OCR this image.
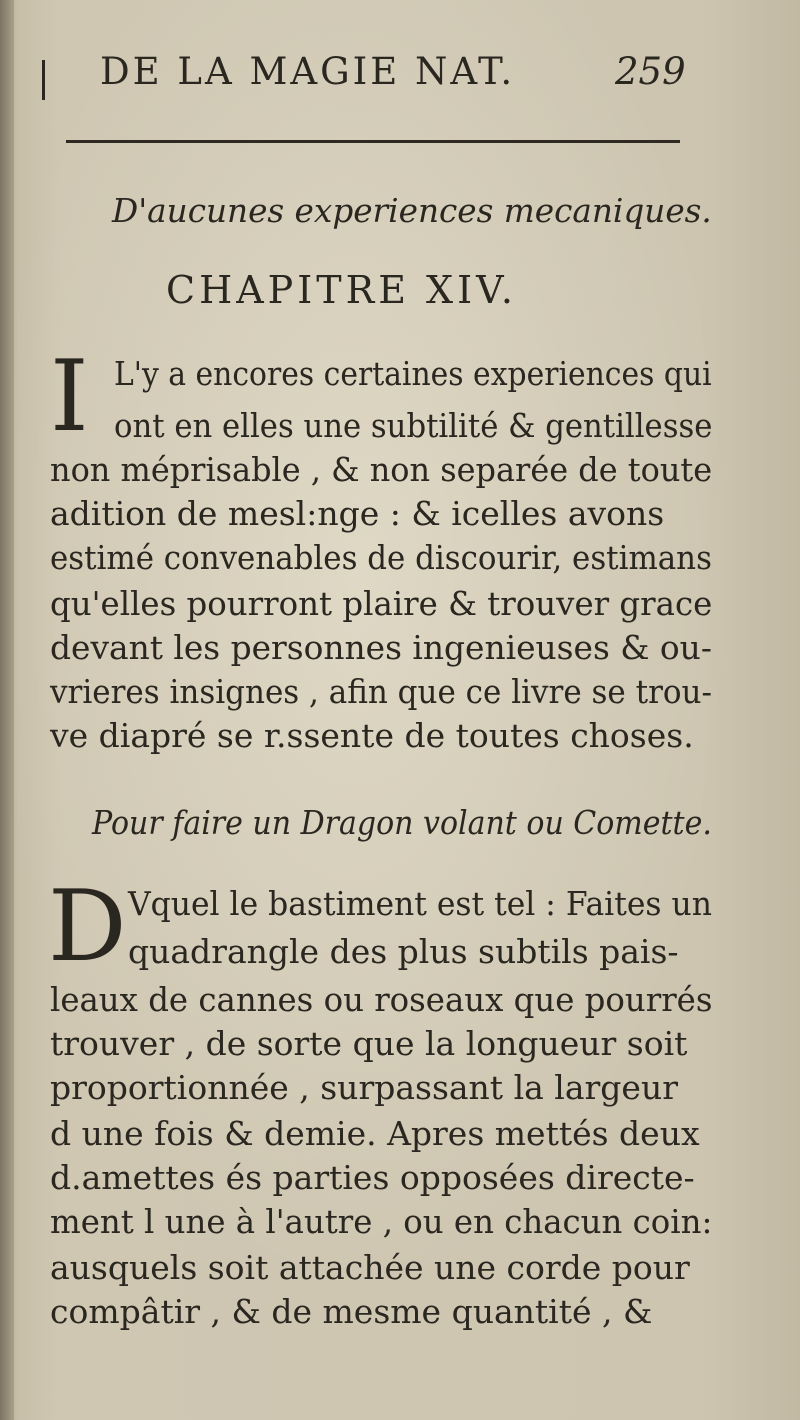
DE LA MAGIE NAT.	259
D'aucunes experiences mecaniques.
CHAPITRE XIV.
I L'y a encores certaines experiences qui
ont en elles une subtilité & gentillesse
non méprisable , & non separée de toute
adition de mesl:nge : & icelles avons
estimé convenables de discourir, estimans
qu'elles pourront plaire & trouver grace
devant les personnes ingenieuses & ou-
vrieres insignes , afin que ce livre se trou-
ve diapré se r.ssente de toutes choses.
Pour faire un Dragon volant ou Comette.
D Vquel le bastiment est tel : Faites un
quadrangle des plus subtils pais-
leaux de cannes ou roseaux que pourrés
trouver , de sorte que la longueur soit
proportionnée , surpassant la largeur
d une fois & demie. Apres mettés deux
d.amettes és parties opposées directe-
ment l une à l'autre , ou en chacun coin:
ausquels soit attachée une corde pour
compâtir , & de mesme quantité , &
